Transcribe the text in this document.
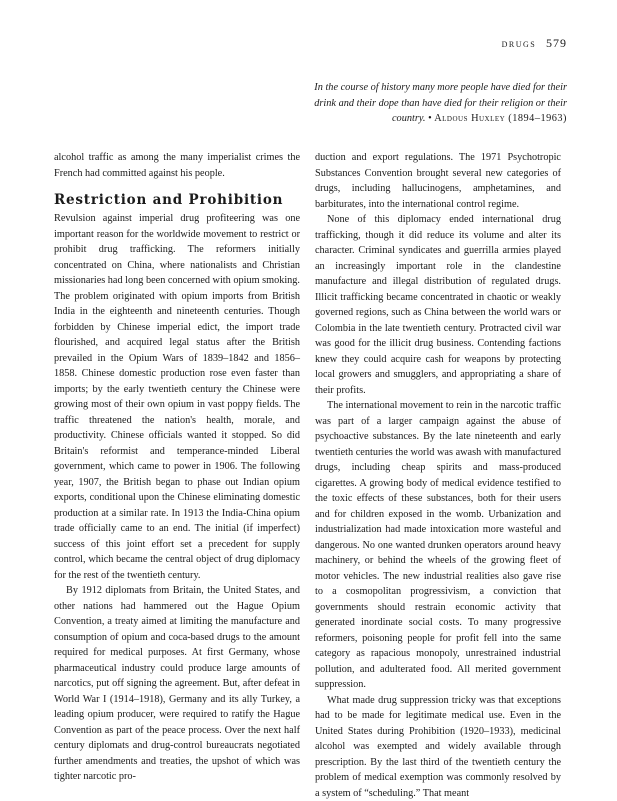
drugs 579
In the course of history many more people have died for their drink and their dope than have died for their religion or their country. • Aldous Huxley (1894–1963)

alcohol traffic as among the many imperialist crimes the French had committed against his people.

Restriction and Prohibition

Revulsion against imperial drug profiteering was one important reason for the worldwide movement to restrict or prohibit drug trafficking. The reformers initially concentrated on China, where nationalists and Christian missionaries had long been concerned with opium smoking. The problem originated with opium imports from British India in the eighteenth and nineteenth centuries. Though forbidden by Chinese imperial edict, the import trade flourished, and acquired legal status after the British prevailed in the Opium Wars of 1839–1842 and 1856–1858. Chinese domestic production rose even faster than imports; by the early twentieth century the Chinese were growing most of their own opium in vast poppy fields. The traffic threatened the nation's health, morale, and productivity. Chinese officials wanted it stopped. So did Britain's reformist and temperance-minded Liberal government, which came to power in 1906. The following year, 1907, the British began to phase out Indian opium exports, conditional upon the Chinese eliminating domestic production at a similar rate. In 1913 the India-China opium trade officially came to an end. The initial (if imperfect) success of this joint effort set a precedent for supply control, which became the central object of drug diplomacy for the rest of the twentieth century.

By 1912 diplomats from Britain, the United States, and other nations had hammered out the Hague Opium Convention, a treaty aimed at limiting the manufacture and consumption of opium and coca-based drugs to the amount required for medical purposes. At first Germany, whose pharmaceutical industry could produce large amounts of narcotics, put off signing the agreement. But, after defeat in World War I (1914–1918), Germany and its ally Turkey, a leading opium producer, were required to ratify the Hague Convention as part of the peace process. Over the next half century diplomats and drug-control bureaucrats negotiated further amendments and treaties, the upshot of which was tighter narcotic pro-

duction and export regulations. The 1971 Psychotropic Substances Convention brought several new categories of drugs, including hallucinogens, amphetamines, and barbiturates, into the international control regime.

None of this diplomacy ended international drug trafficking, though it did reduce its volume and alter its character. Criminal syndicates and guerrilla armies played an increasingly important role in the clandestine manufacture and illegal distribution of regulated drugs. Illicit trafficking became concentrated in chaotic or weakly governed regions, such as China between the world wars or Colombia in the late twentieth century. Protracted civil war was good for the illicit drug business. Contending factions knew they could acquire cash for weapons by protecting local growers and smugglers, and appropriating a share of their profits.

The international movement to rein in the narcotic traffic was part of a larger campaign against the abuse of psychoactive substances. By the late nineteenth and early twentieth centuries the world was awash with manufactured drugs, including cheap spirits and mass-produced cigarettes. A growing body of medical evidence testified to the toxic effects of these substances, both for their users and for children exposed in the womb. Urbanization and industrialization had made intoxication more wasteful and dangerous. No one wanted drunken operators around heavy machinery, or behind the wheels of the growing fleet of motor vehicles. The new industrial realities also gave rise to a cosmopolitan progressivism, a conviction that governments should restrain economic activity that generated inordinate social costs. To many progressive reformers, poisoning people for profit fell into the same category as rapacious monopoly, unrestrained industrial pollution, and adulterated food. All merited government suppression.

What made drug suppression tricky was that exceptions had to be made for legitimate medical use. Even in the United States during Prohibition (1920–1933), medicinal alcohol was exempted and widely available through prescription. By the last third of the twentieth century the problem of medical exemption was commonly resolved by a system of “scheduling.” That meant
